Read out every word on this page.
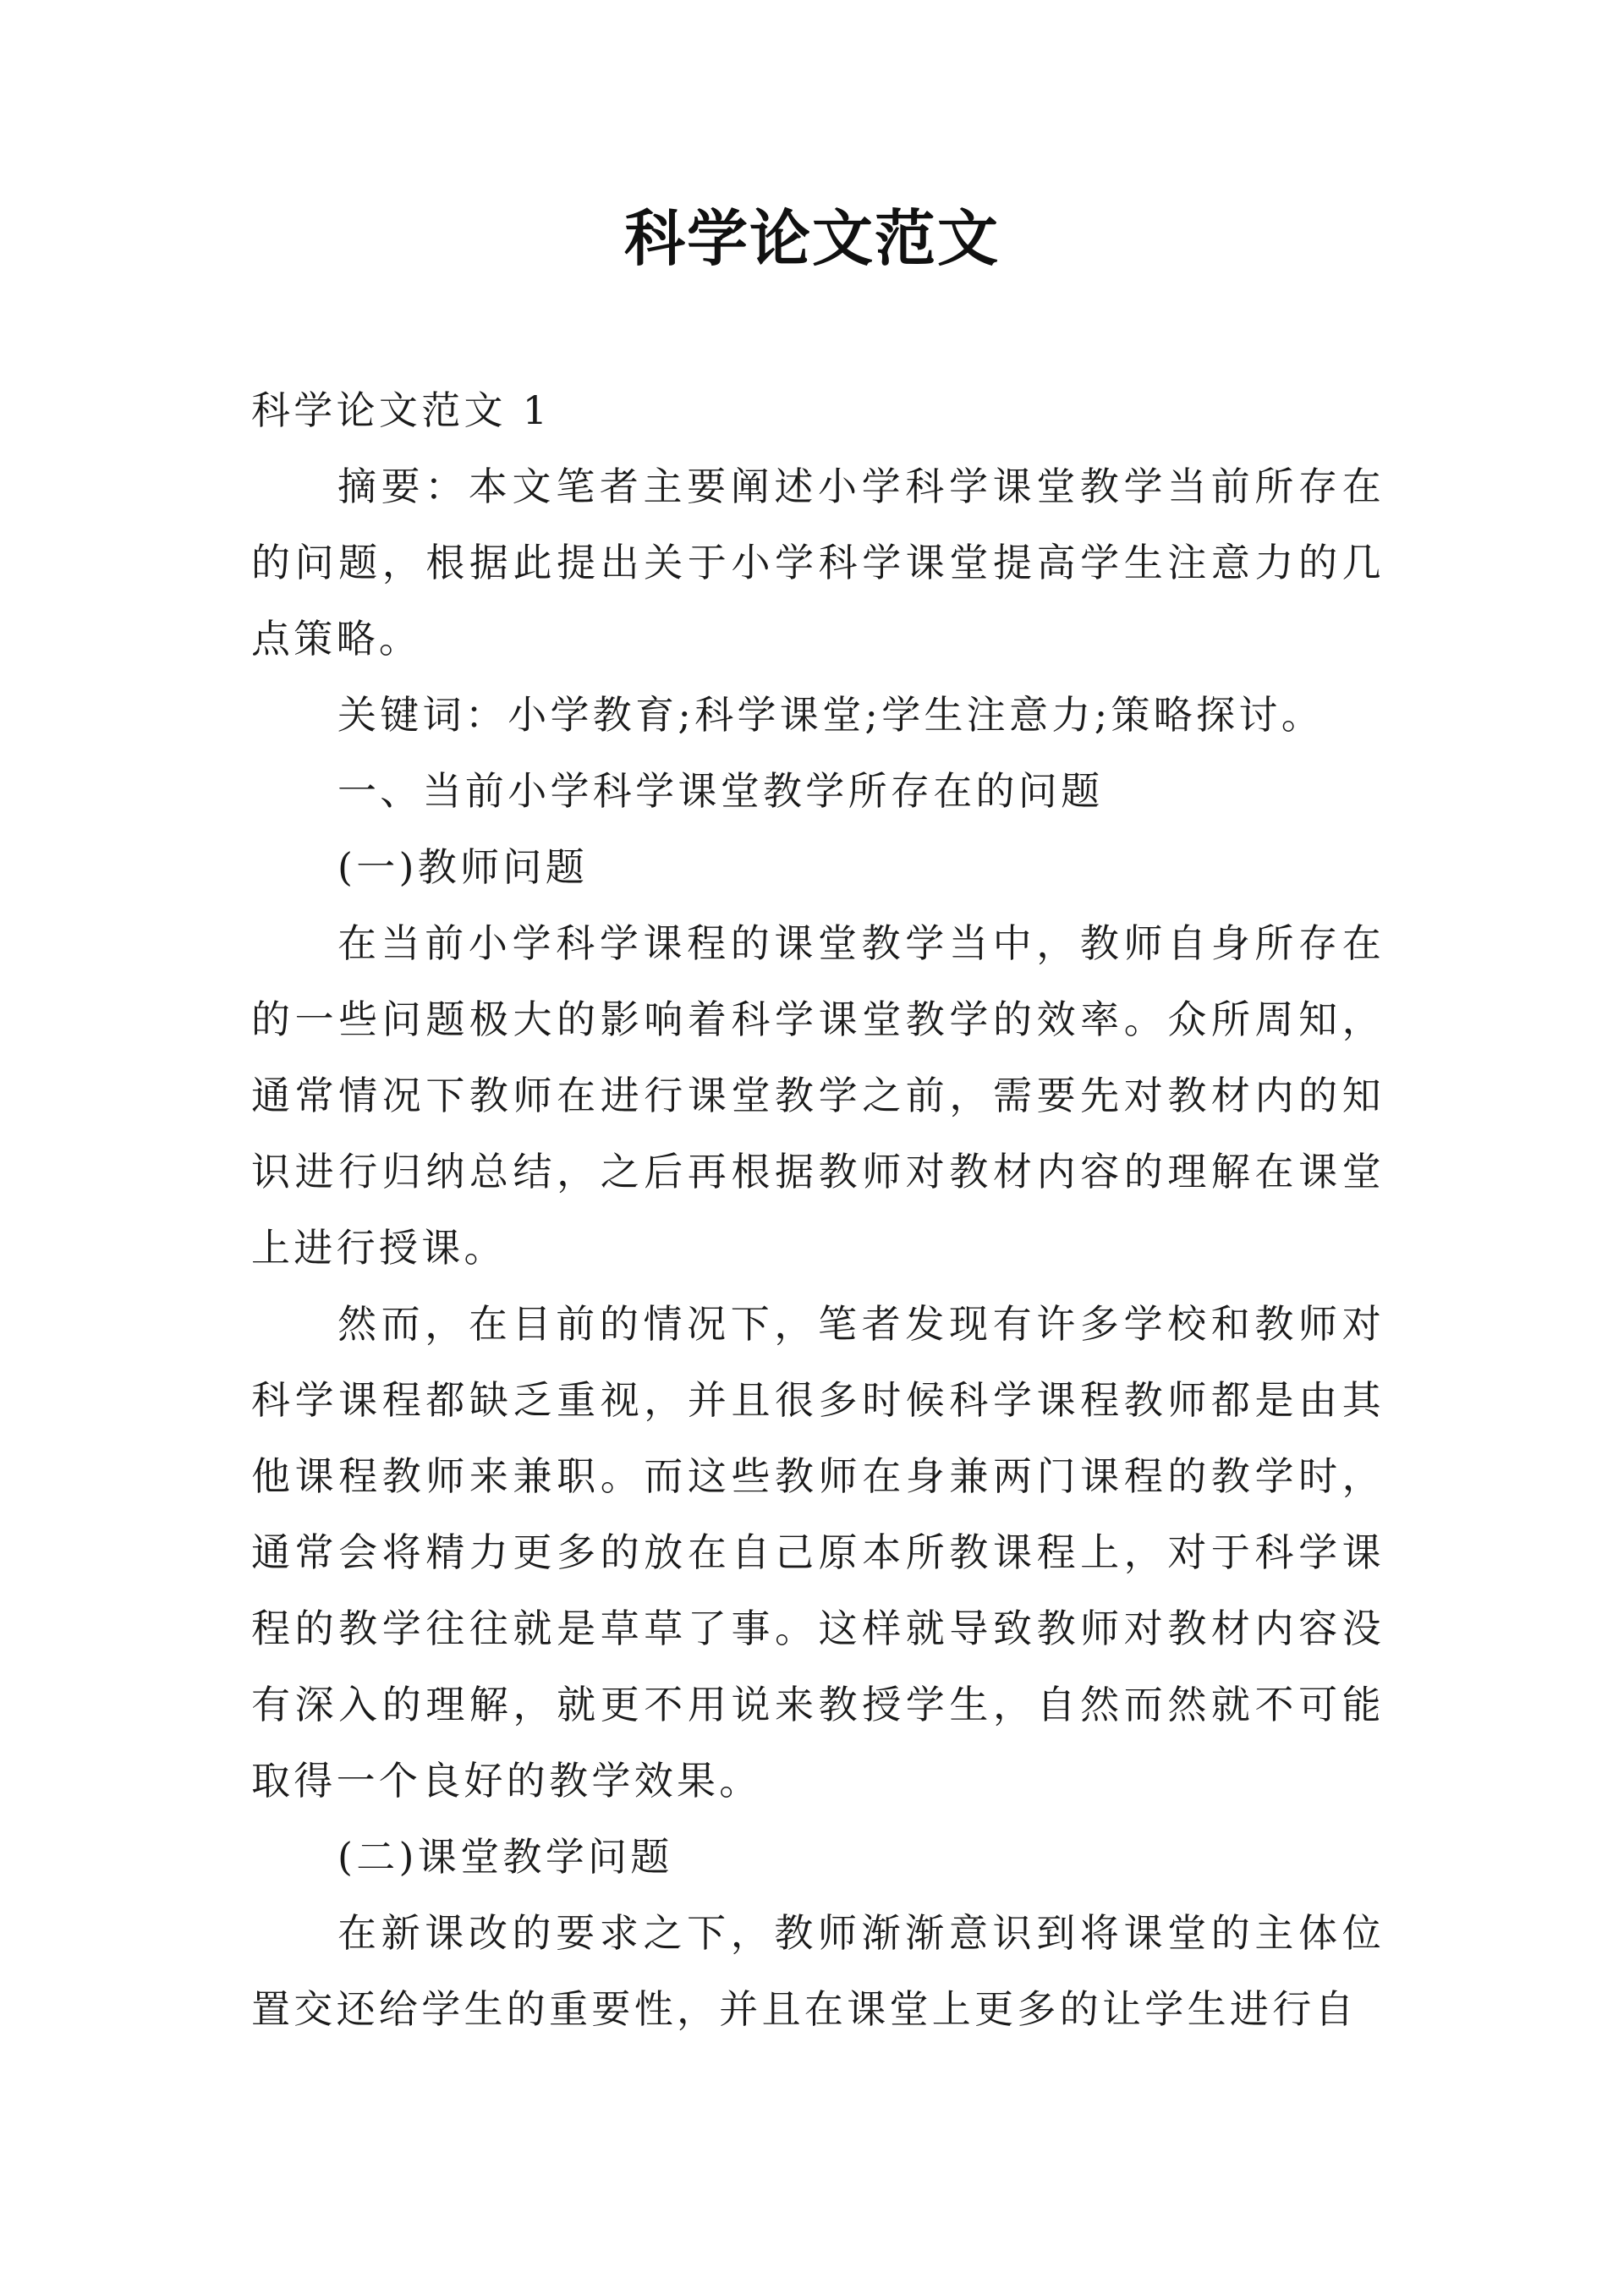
科学论文范文

科学论文范文 1

摘要：本文笔者主要阐述小学科学课堂教学当前所存在的问题，根据此提出关于小学科学课堂提高学生注意力的几点策略。

关键词：小学教育;科学课堂;学生注意力;策略探讨。

一、当前小学科学课堂教学所存在的问题

(一)教师问题

在当前小学科学课程的课堂教学当中，教师自身所存在的一些问题极大的影响着科学课堂教学的效率。众所周知，通常情况下教师在进行课堂教学之前，需要先对教材内的知识进行归纳总结，之后再根据教师对教材内容的理解在课堂上进行授课。

然而，在目前的情况下，笔者发现有许多学校和教师对科学课程都缺乏重视，并且很多时候科学课程教师都是由其他课程教师来兼职。而这些教师在身兼两门课程的教学时，通常会将精力更多的放在自己原本所教课程上，对于科学课程的教学往往就是草草了事。这样就导致教师对教材内容没有深入的理解，就更不用说来教授学生，自然而然就不可能取得一个良好的教学效果。

(二)课堂教学问题

在新课改的要求之下，教师渐渐意识到将课堂的主体位置交还给学生的重要性，并且在课堂上更多的让学生进行自
